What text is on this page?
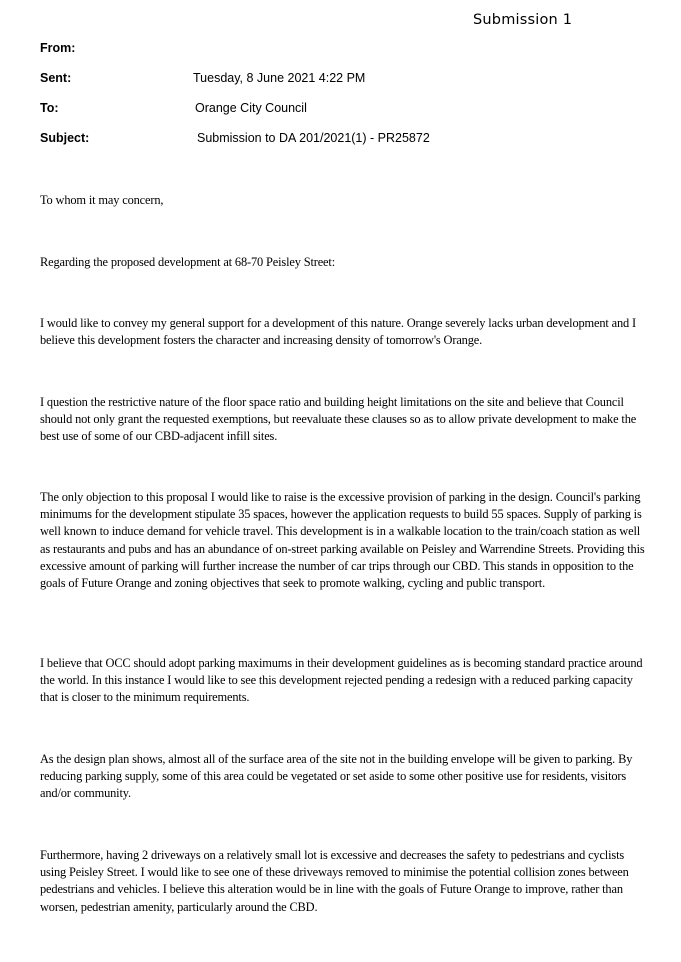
Submission 1
From:
Sent:	Tuesday, 8 June 2021 4:22 PM
To:	Orange City Council
Subject:	Submission to DA 201/2021(1) - PR25872

To whom it may concern,

Regarding the proposed development at 68-70 Peisley Street:

I would like to convey my general support for a development of this nature. Orange severely lacks urban development and I believe this development fosters the character and increasing density of tomorrow's Orange.

I question the restrictive nature of the floor space ratio and building height limitations on the site and believe that Council should not only grant the requested exemptions, but reevaluate these clauses so as to allow private development to make the best use of some of our CBD-adjacent infill sites.

The only objection to this proposal I would like to raise is the excessive provision of parking in the design. Council's parking minimums for the development stipulate 35 spaces, however the application requests to build 55 spaces. Supply of parking is well known to induce demand for vehicle travel. This development is in a walkable location to the train/coach station as well as restaurants and pubs and has an abundance of on-street parking available on Peisley and Warrendine Streets. Providing this excessive amount of parking will further increase the number of car trips through our CBD. This stands in opposition to the goals of Future Orange and zoning objectives that seek to promote walking, cycling and public transport.

I believe that OCC should adopt parking maximums in their development guidelines as is becoming standard practice around the world. In this instance I would like to see this development rejected pending a redesign with a reduced parking capacity that is closer to the minimum requirements.

As the design plan shows, almost all of the surface area of the site not in the building envelope will be given to parking. By reducing parking supply, some of this area could be vegetated or set aside to some other positive use for residents, visitors and/or community.

Furthermore, having 2 driveways on a relatively small lot is excessive and decreases the safety to pedestrians and cyclists using Peisley Street. I would like to see one of these driveways removed to minimise the potential collision zones between pedestrians and vehicles. I believe this alteration would be in line with the goals of Future Orange to improve, rather than worsen, pedestrian amenity, particularly around the CBD.
